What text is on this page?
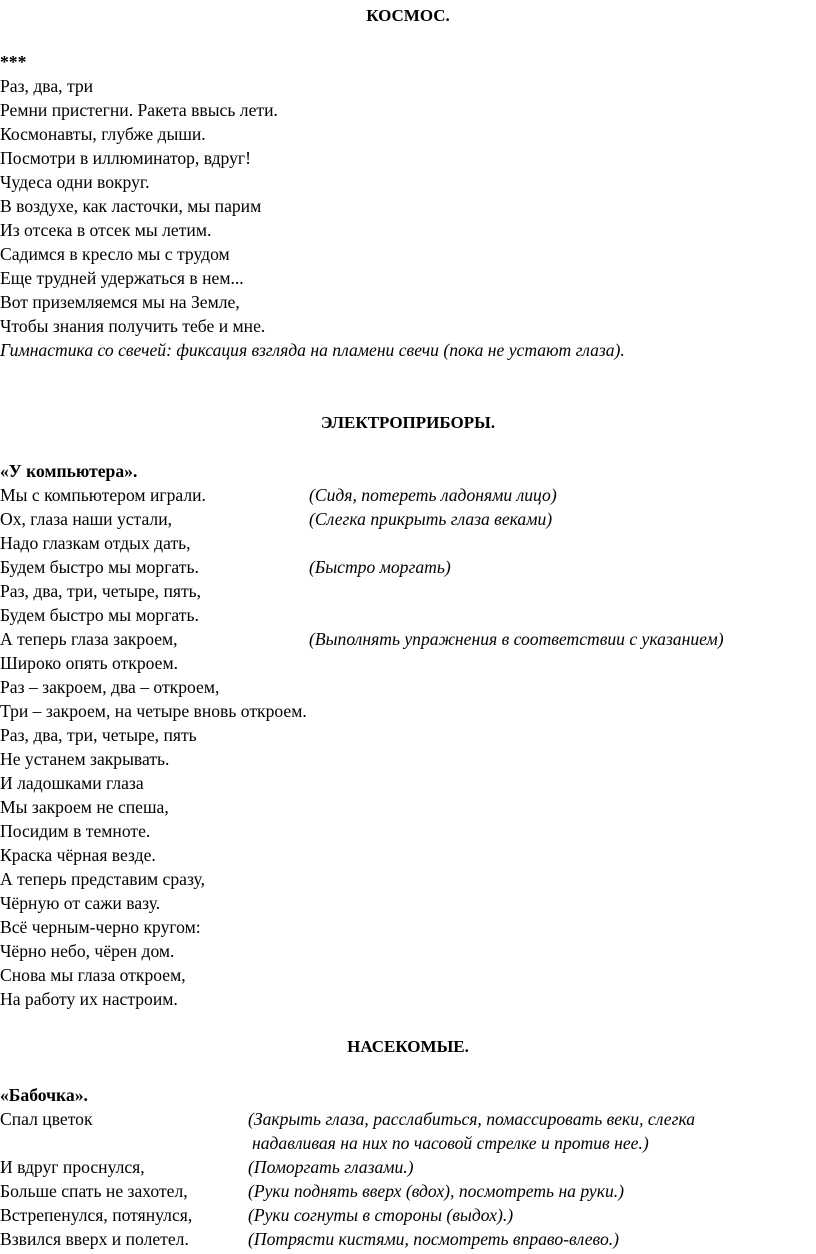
КОСМОС.
***
Раз, два, три
Ремни пристегни. Ракета ввысь лети.
Космонавты, глубже дыши.
Посмотри в иллюминатор, вдруг!
Чудеса одни вокруг.
В воздухе, как ласточки, мы парим
Из отсека в отсек мы летим.
Садимся в кресло мы с трудом
Еще трудней удержаться в нем...
Вот приземляемся мы на Земле,
Чтобы знания получить тебе и мне.
Гимнастика со свечей: фиксация взгляда на пламени свечи (пока не устают глаза).
ЭЛЕКТРОПРИБОРЫ.
«У компьютера».
Мы с компьютером играли.
Ох, глаза наши устали,
Надо глазкам отдых дать,
Будем быстро мы моргать.
Раз, два, три, четыре, пять,
Будем быстро мы моргать.
А теперь глаза закроем,
Широко опять откроем.
Раз – закроем, два – откроем,
Три – закроем, на четыре вновь откроем.
Раз, два, три, четыре, пять
Не устанем закрывать.
И ладошками глаза
Мы закроем не спеша,
Посидим в темноте.
Краска чёрная везде.
А теперь представим сразу,
Чёрную от сажи вазу.
Всё черным-черно кругом:
Чёрно небо, чёрен дом.
Снова мы глаза откроем,
На работу их настроим.
(Сидя, потереть ладонями лицо)
(Слегка прикрыть глаза веками)
(Быстро моргать)
(Выполнять упражнения в соответствии с указанием)
НАСЕКОМЫЕ.
«Бабочка».
Спал цветок
И вдруг проснулся,
Больше спать не захотел,
Встрепенулся, потянулся,
Взвился вверх и полетел.
(Закрыть глаза, расслабиться, помассировать веки, слегка
надавливая на них по часовой стрелке и против нее.)
(Поморгать глазами.)
(Руки поднять вверх (вдох), посмотреть на руки.)
(Руки согнуты в стороны (выдох).)
(Потрясти кистями, посмотреть вправо-влево.)
